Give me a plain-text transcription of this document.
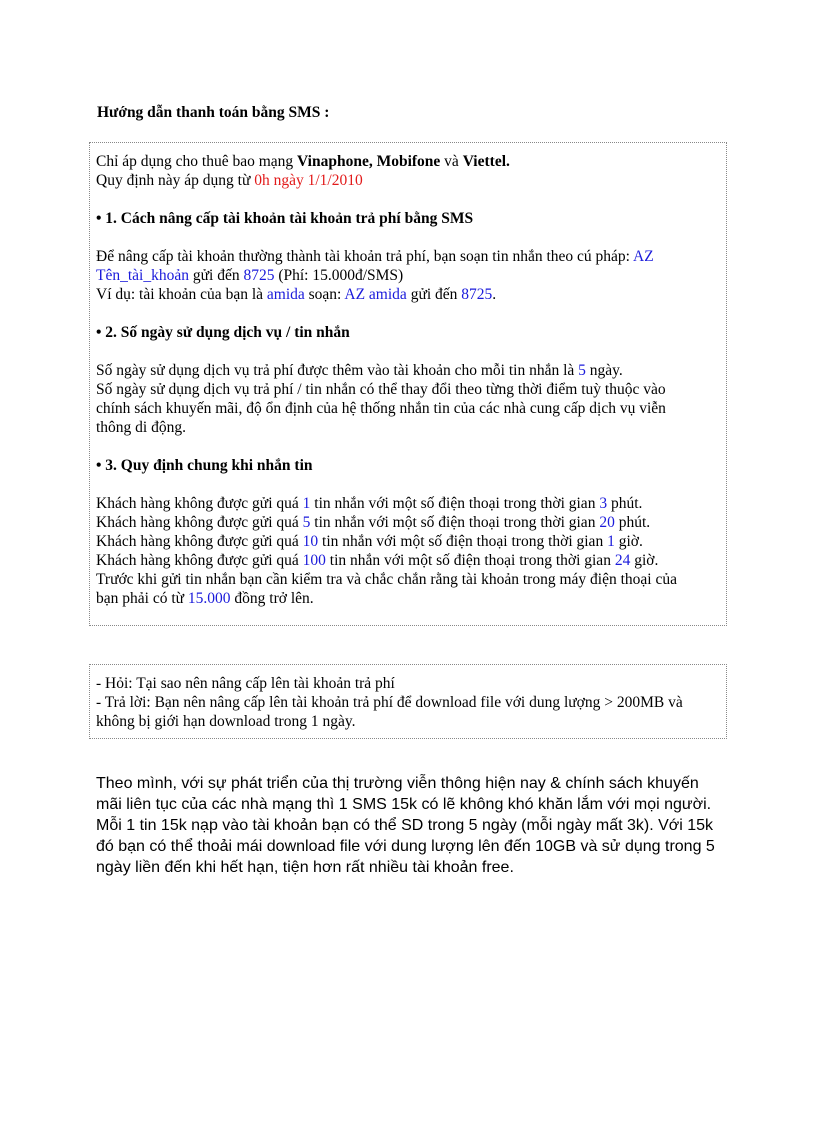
Hướng dẫn thanh toán bằng SMS :
Chỉ áp dụng cho thuê bao mạng Vinaphone, Mobifone và Viettel.
Quy định này áp dụng từ 0h ngày 1/1/2010
• 1. Cách nâng cấp tài khoản tài khoản trả phí bằng SMS
Để nâng cấp tài khoản thường thành tài khoản trả phí, bạn soạn tin nhắn theo cú pháp: AZ
Tên_tài_khoản gửi đến 8725 (Phí: 15.000đ/SMS)
Ví dụ: tài khoản của bạn là amida soạn: AZ amida gửi đến 8725.
• 2. Số ngày sử dụng dịch vụ / tin nhắn
Số ngày sử dụng dịch vụ trả phí được thêm vào tài khoản cho mỗi tin nhắn là 5 ngày.
Số ngày sử dụng dịch vụ trả phí / tin nhắn có thể thay đổi theo từng thời điểm tuỳ thuộc vào
chính sách khuyến mãi, độ ổn định của hệ thống nhắn tin của các nhà cung cấp dịch vụ viễn
thông di động.
• 3. Quy định chung khi nhắn tin
Khách hàng không được gửi quá 1 tin nhắn với một số điện thoại trong thời gian 3 phút.
Khách hàng không được gửi quá 5 tin nhắn với một số điện thoại trong thời gian 20 phút.
Khách hàng không được gửi quá 10 tin nhắn với một số điện thoại trong thời gian 1 giờ.
Khách hàng không được gửi quá 100 tin nhắn với một số điện thoại trong thời gian 24 giờ.
Trước khi gửi tin nhắn bạn cần kiểm tra và chắc chắn rằng tài khoản trong máy điện thoại của
bạn phải có từ 15.000 đồng trở lên.
- Hỏi: Tại sao nên nâng cấp lên tài khoản trả phí
- Trả lời: Bạn nên nâng cấp lên tài khoản trả phí để download file với dung lượng > 200MB và
không bị giới hạn download trong 1 ngày.
Theo mình, với sự phát triển của thị trường viễn thông hiện nay & chính sách khuyến
mãi liên tục của các nhà mạng thì 1 SMS 15k có lẽ không khó khăn lắm với mọi người.
Mỗi 1 tin 15k nạp vào tài khoản bạn có thể SD trong 5 ngày (mỗi ngày mất 3k). Với 15k
đó bạn có thể thoải mái download file với dung lượng lên đến 10GB và sử dụng trong 5
ngày liền đến khi hết hạn, tiện hơn rất nhiều tài khoản free.
